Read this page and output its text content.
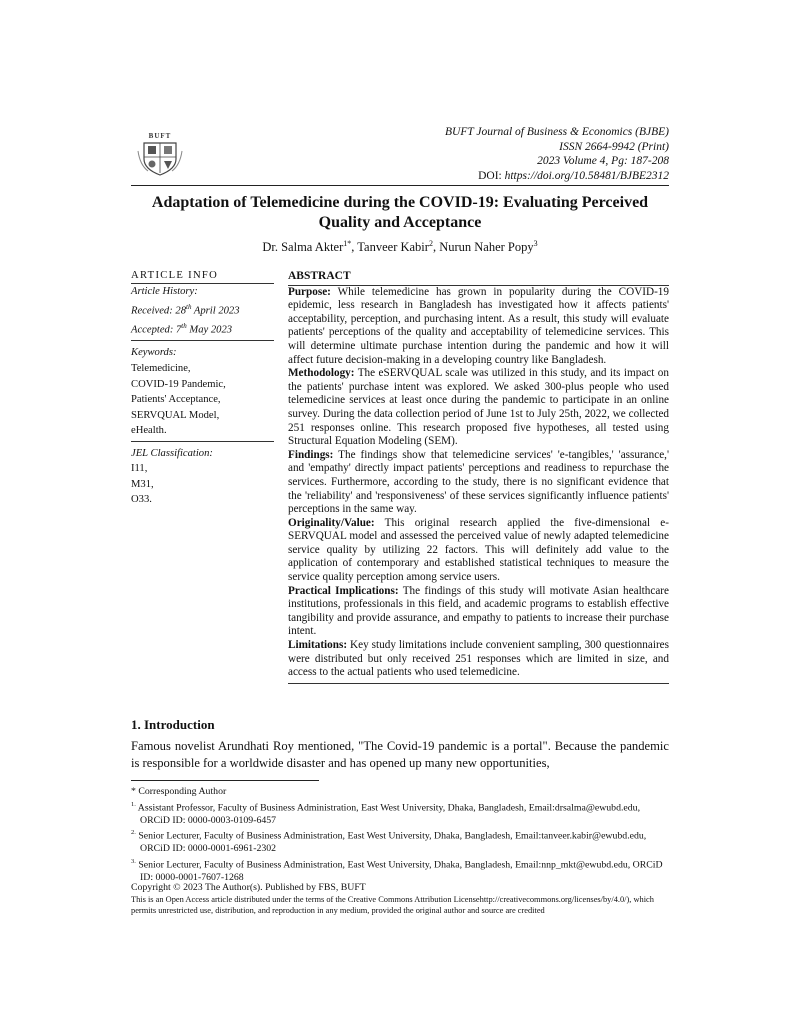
BUFT	BUFT Journal of Business & Economics (BJBE)
ISSN 2664-9942 (Print)
2023 Volume 4, Pg: 187-208
DOI: https://doi.org/10.58481/BJBE2312
Adaptation of Telemedicine during the COVID-19: Evaluating Perceived Quality and Acceptance
Dr. Salma Akter$^{1*}$, Tanveer Kabir$^2$, Nurun Naher Popy$^3$
ARTICLE INFO
Article History:
Received: 28th April 2023
Accepted: 7th May 2023
Keywords:
Telemedicine,
COVID-19 Pandemic,
Patients' Acceptance,
SERVQUAL Model,
eHealth.
JEL Classification:
I11,
M31,
O33.
ABSTRACT

Purpose: While telemedicine has grown in popularity during the COVID-19 epidemic, less research in Bangladesh has investigated how it affects patients' acceptability, perception, and purchasing intent. As a result, this study will evaluate patients' perceptions of the quality and acceptability of telemedicine services. This will determine ultimate purchase intention during the pandemic and how it will affect future decision-making in a developing country like Bangladesh.

Methodology: The eSERVQUAL scale was utilized in this study, and its impact on the patients' purchase intent was explored. We asked 300-plus people who used telemedicine services at least once during the pandemic to participate in an online survey. During the data collection period of June 1st to July 25th, 2022, we collected 251 responses online. This research proposed five hypotheses, all tested using Structural Equation Modeling (SEM).

Findings: The findings show that telemedicine services' 'e-tangibles,' 'assurance,' and 'empathy' directly impact patients' perceptions and readiness to repurchase the services. Furthermore, according to the study, there is no significant evidence that the 'reliability' and 'responsiveness' of these services significantly influence patients' perceptions in the same way.

Originality/Value: This original research applied the five-dimensional e-SERVQUAL model and assessed the perceived value of newly adapted telemedicine service quality by utilizing 22 factors. This will definitely add value to the application of contemporary and established statistical techniques to measure the service quality perception among service users.

Practical Implications: The findings of this study will motivate Asian healthcare institutions, professionals in this field, and academic programs to establish effective tangibility and provide assurance, and empathy to patients to increase their purchase intent.

Limitations: Key study limitations include convenient sampling, 300 questionnaires were distributed but only received 251 responses which are limited in size, and access to the actual patients who used telemedicine.

1. Introduction
Famous novelist Arundhati Roy mentioned, "The Covid-19 pandemic is a portal". Because the pandemic is responsible for a worldwide disaster and has opened up many new opportunities,
* Corresponding Author
$^{1.}$ Assistant Professor, Faculty of Business Administration, East West University, Dhaka, Bangladesh, Email:drsalma@ewubd.edu, ORCiD ID: 0000-0003-0109-6457
$^{2.}$ Senior Lecturer, Faculty of Business Administration, East West University, Dhaka, Bangladesh, Email:tanveer.kabir@ewubd.edu, ORCiD ID: 0000-0001-6961-2302
$^{3.}$ Senior Lecturer, Faculty of Business Administration, East West University, Dhaka, Bangladesh, Email:nnp_mkt@ewubd.edu, ORCiD ID: 0000-0001-7607-1268
Copyright © 2023 The Author(s). Published by FBS, BUFT
This is an Open Access article distributed under the terms of the Creative Commons Attribution Licensehttp://creativecommons.org/licenses/by/4.0/), which permits unrestricted use, distribution, and reproduction in any medium, provided the original author and source are credited
